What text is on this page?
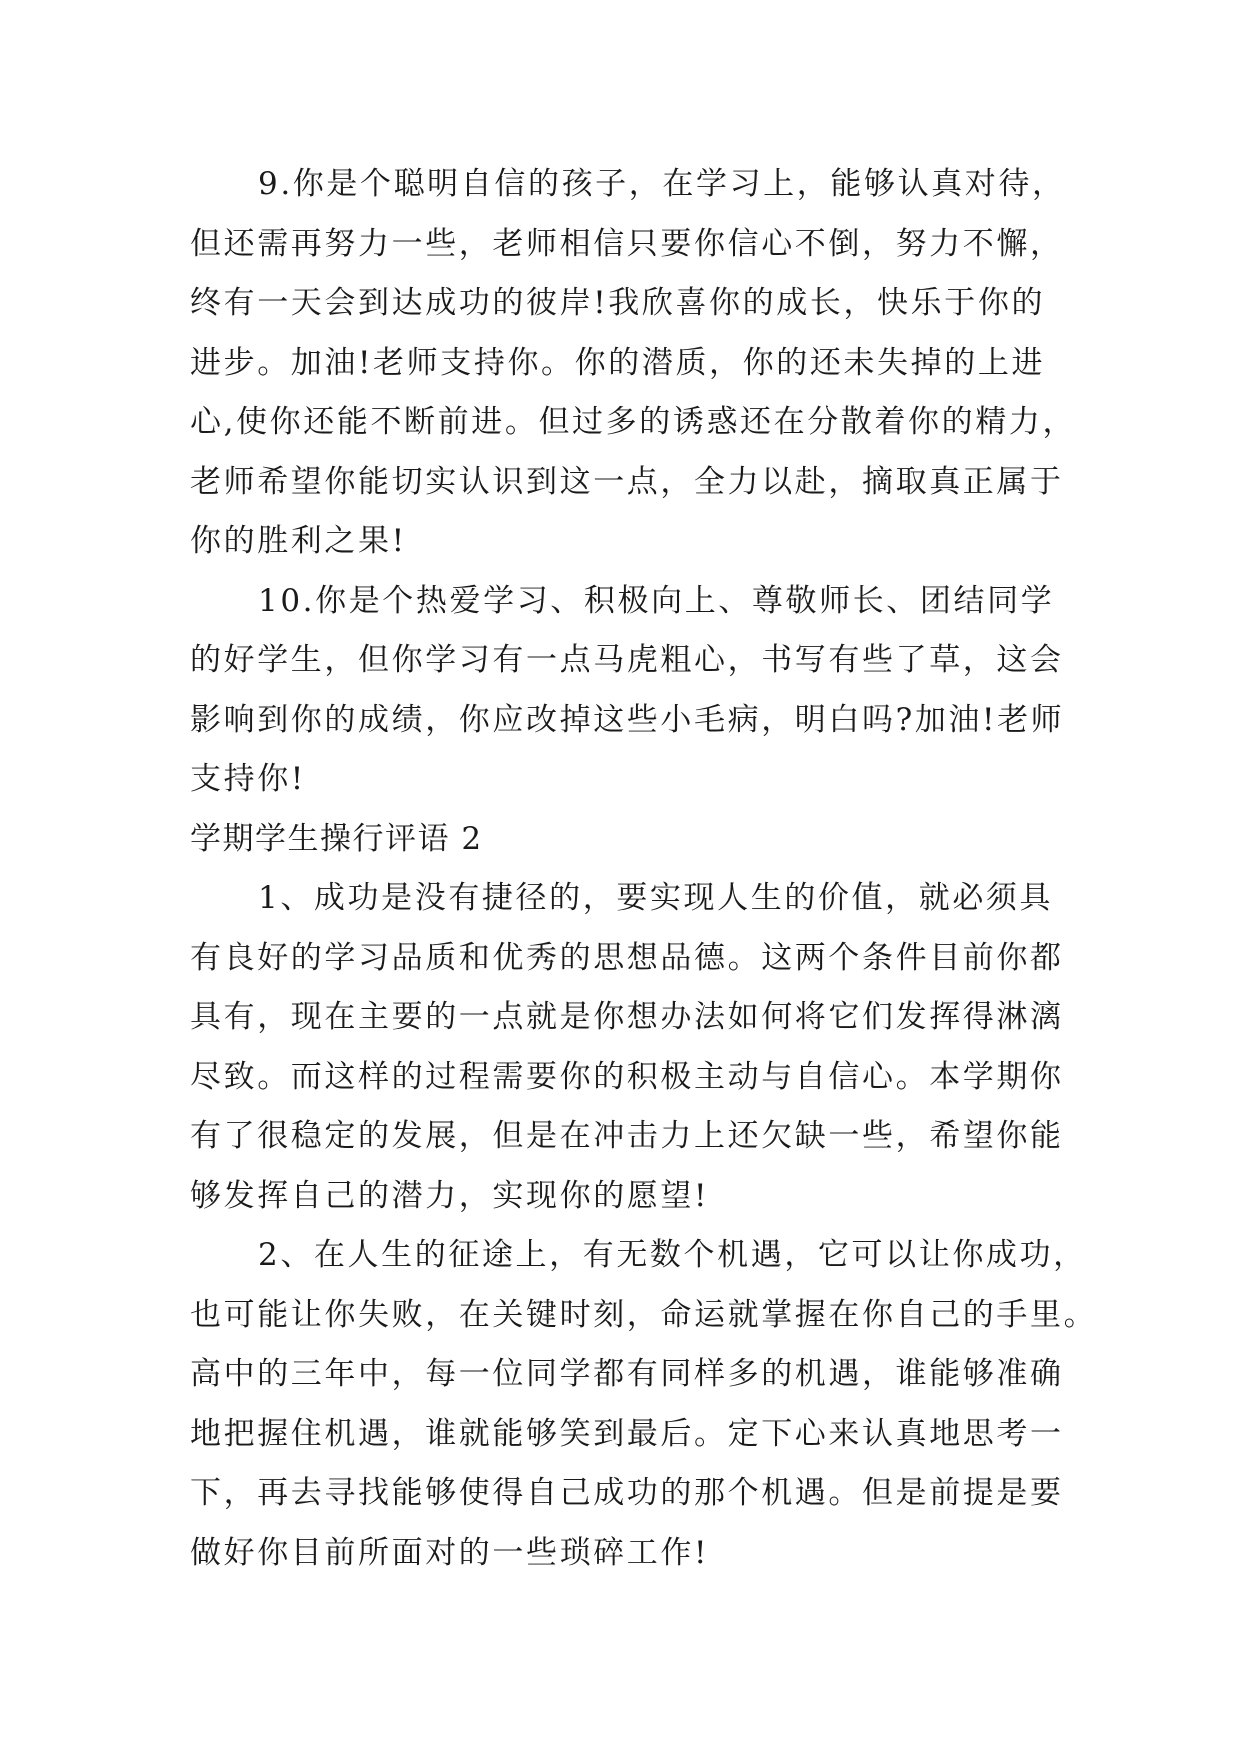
9.你是个聪明自信的孩子，在学习上，能够认真对待，
但还需再努力一些，老师相信只要你信心不倒，努力不懈，
终有一天会到达成功的彼岸!我欣喜你的成长，快乐于你的
进步。加油!老师支持你。你的潜质，你的还未失掉的上进
心,使你还能不断前进。但过多的诱惑还在分散着你的精力，
老师希望你能切实认识到这一点，全力以赴，摘取真正属于
你的胜利之果!
10.你是个热爱学习、积极向上、尊敬师长、团结同学
的好学生，但你学习有一点马虎粗心，书写有些了草，这会
影响到你的成绩，你应改掉这些小毛病，明白吗?加油!老师
支持你!
学期学生操行评语 2
1、成功是没有捷径的，要实现人生的价值，就必须具
有良好的学习品质和优秀的思想品德。这两个条件目前你都
具有，现在主要的一点就是你想办法如何将它们发挥得淋漓
尽致。而这样的过程需要你的积极主动与自信心。本学期你
有了很稳定的发展，但是在冲击力上还欠缺一些，希望你能
够发挥自己的潜力，实现你的愿望!
2、在人生的征途上，有无数个机遇，它可以让你成功，
也可能让你失败，在关键时刻，命运就掌握在你自己的手里。
高中的三年中，每一位同学都有同样多的机遇，谁能够准确
地把握住机遇，谁就能够笑到最后。定下心来认真地思考一
下，再去寻找能够使得自己成功的那个机遇。但是前提是要
做好你目前所面对的一些琐碎工作!
